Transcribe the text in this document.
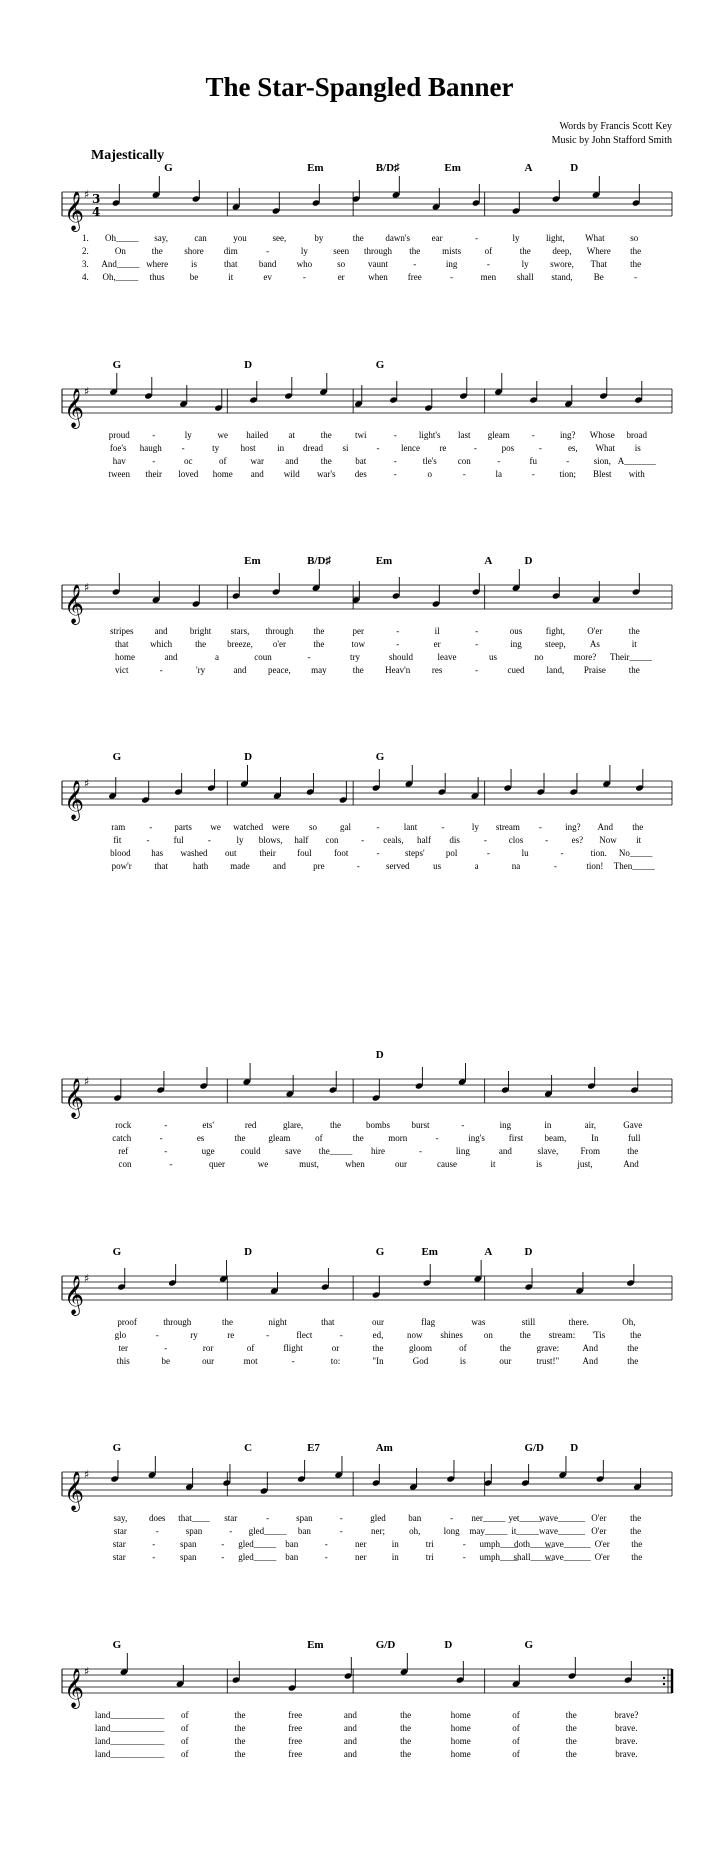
The Star-Spangled Banner
Words by Francis Scott Key
Music by John Stafford Smith
Majestically
𝄞 ♯ 3
4
G	Em	B/D♯	Em	A	D
1. Oh_____ say,	can	you	see,	by	the dawn's ear	-	ly	light, What	so
2.	On	the shore dim	-	ly	seen through the mists	of	the deep, Where the
3. And_____ where	is	that band who	so	vaunt	-	ing	-	ly swore, That	the
4. Oh,_____ thus	be	it	ev	-	er	when free	-	men shall stand, Be	-
𝄞 ♯
G	D	G
proud	-	ly	we hailed at	the	twi	- light's last gleam -	ing? Whose broad
foe's haugh -	ty host in dread si	- lence re	-	pos	-	es, What is
hav	-	oc	of	war and	the	bat	-	tle's con	-	fu	-	sion, A_______
tween their loved home and wild war's des	-	o	-	la	-	tion; Blest with
𝄞 ♯
Em	B/D♯	Em	A	D
stripes and bright stars, through the	per	-	il	-	ous	fight, O'er	the
that which	the breeze, o'er	the	tow	-	er	-	ing	steep,	As	it
home	and	a	coun	-	try	should	leave	us	no	more? Their_____
vict	-	'ry	and peace, may	the Heav'n res	-	cued land, Praise	the
𝄞 ♯
G	D	G
ram	- parts we watched were so	gal	-	lant	-	ly stream -	ing? And the
fit	-	ful	-	ly blows, half con	- ceals, half dis	- clos -	es? Now it
blood has washed out	their foul foot	-	steps' pol	-	lu	-	tion. No_____
pow'r	that	hath made	and	pre	-	served	us	a	na	-	tion! Then_____
𝄞 ♯
D
rock	-	ets'	red	glare,	the	bombs burst	-	ing	in	air,	Gave
catch	-	es	the	gleam	of	the	morn	-	ing's	first beam,	In	full
ref	-	uge	could	save the_____ hire	-	ling	and	slave, From	the
con	-	quer	we	must,	when	our	cause	it	is	just,	And
𝄞 ♯
G	D	G	Em	A	D
proof	through	the	night	that	our	flag	was	still	there.	Oh,
glo	-	ry	re	-	flect	-	ed,	now shines on	the stream: 'Tis	the
ter	-	ror	of	flight	or	the	gloom	of	the	grave:	And	the
this	be	our	mot	-	to:	"In	God	is	our	trust!"	And	the
𝄞 ♯
G	C	E7	Am	G/D D
say, does that____ star	-	span	-	gled	ban	- ner_____ yet_____
wave______ O'er	the
star	-	span	- gled_____ ban	-	ner;	oh,	long may_____ it_____ wave______ O'er	the
star	-	span	- gled_____ ban	-	ner	in	tri	- umph____
doth_____
wave______ O'er the
star	-	span	- gled_____ ban	-	ner	in	tri	- umph____
shall_____
wave______ O'er the
𝄞 ♯
G	Em	G/D	D	G
land____________ of	the	free	and	the	home	of	the	brave?
land____________ of	the	free	and	the	home	of	the	brave.
land____________ of	the	free	and	the	home	of	the	brave.
land____________ of	the	free	and	the	home	of	the	brave.
